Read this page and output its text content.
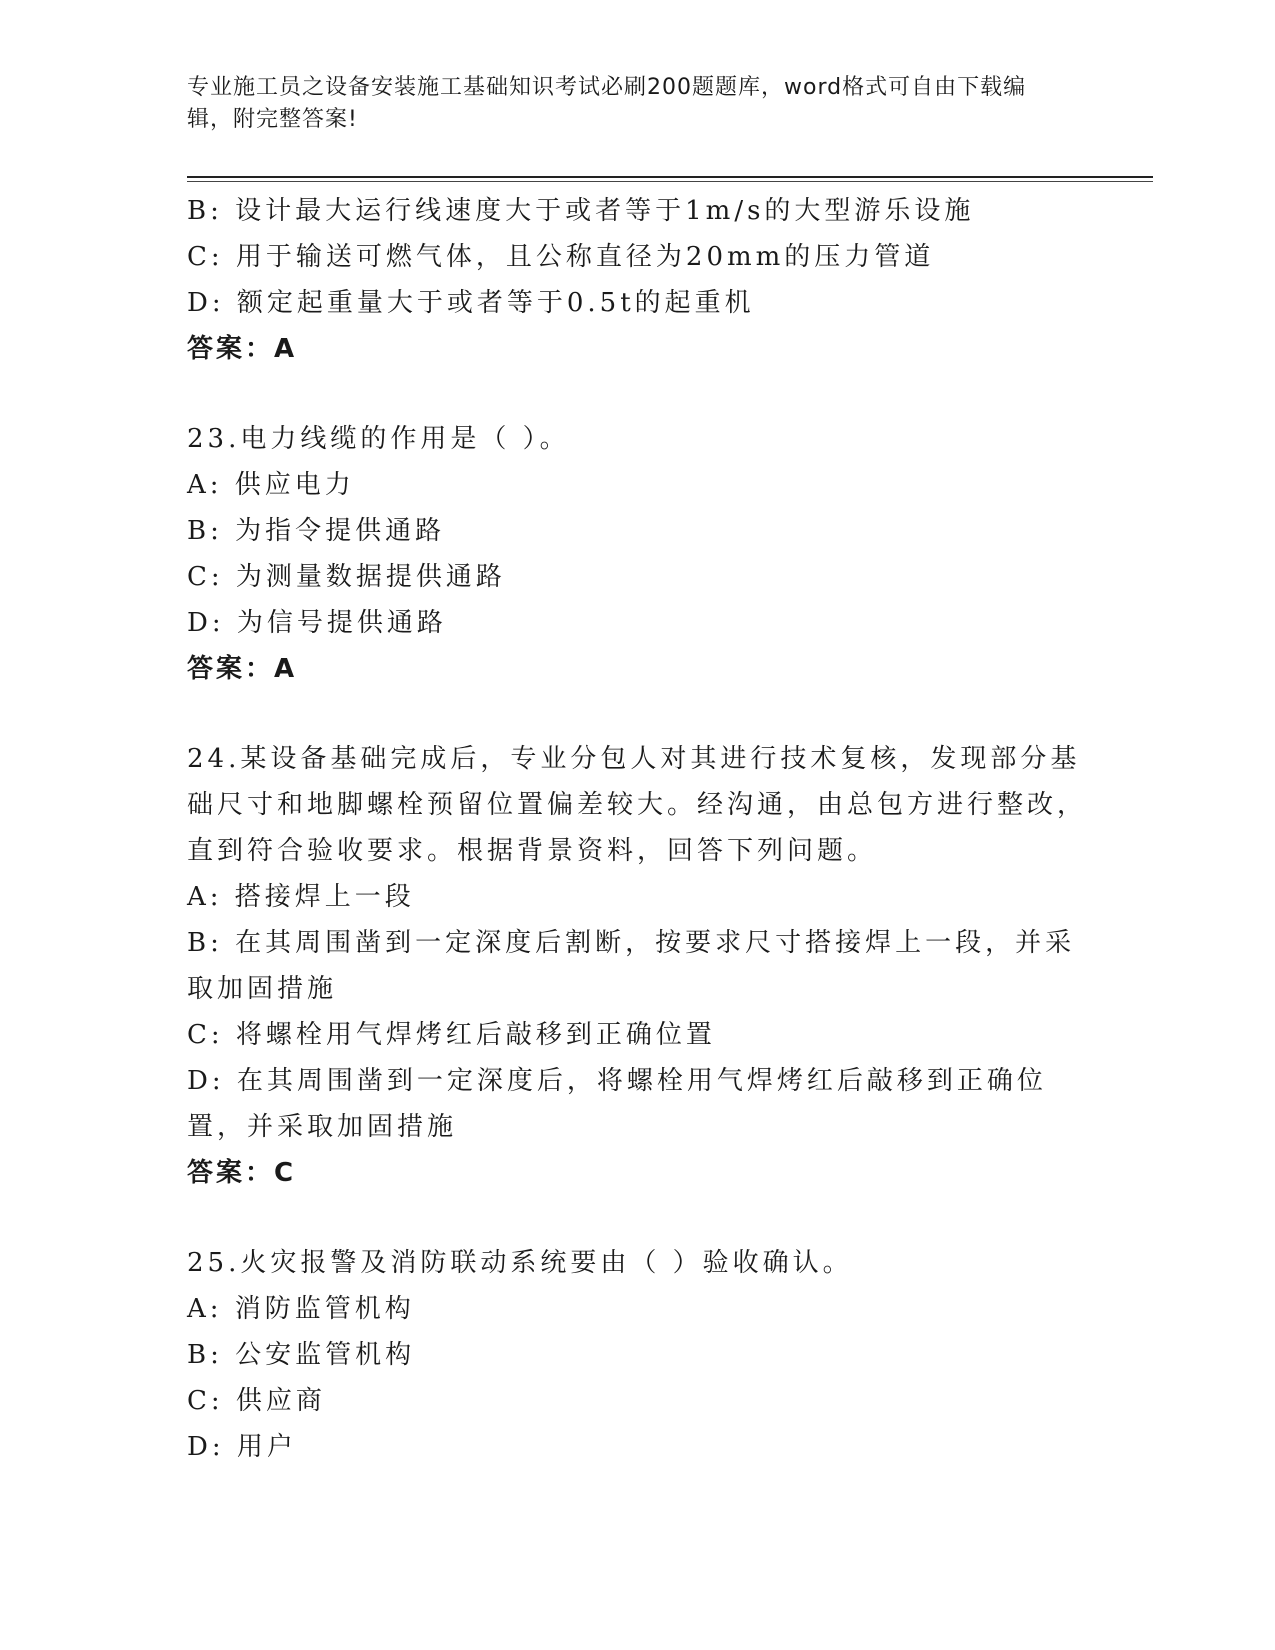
专业施工员之设备安装施工基础知识考试必刷200题题库，word格式可自由下载编辑，附完整答案!
B: 设计最大运行线速度大于或者等于1m/s的大型游乐设施
C: 用于输送可燃气体，且公称直径为20mm的压力管道
D: 额定起重量大于或者等于0.5t的起重机
答案：A
23.电力线缆的作用是（ ）。
A: 供应电力
B: 为指令提供通路
C: 为测量数据提供通路
D: 为信号提供通路
答案：A
24.某设备基础完成后，专业分包人对其进行技术复核，发现部分基础尺寸和地脚螺栓预留位置偏差较大。经沟通，由总包方进行整改，直到符合验收要求。根据背景资料，回答下列问题。
A: 搭接焊上一段
B: 在其周围凿到一定深度后割断，按要求尺寸搭接焊上一段，并采取加固措施
C: 将螺栓用气焊烤红后敲移到正确位置
D: 在其周围凿到一定深度后，将螺栓用气焊烤红后敲移到正确位置，并采取加固措施
答案：C
25.火灾报警及消防联动系统要由（ ）验收确认。
A: 消防监管机构
B: 公安监管机构
C: 供应商
D: 用户
